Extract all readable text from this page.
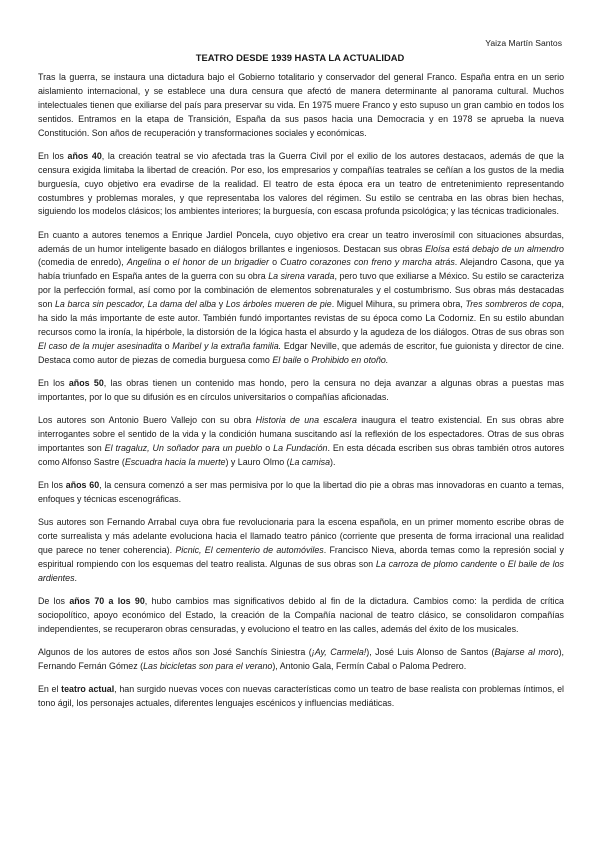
Yaiza Martín Santos
TEATRO DESDE 1939 HASTA LA ACTUALIDAD

Tras la guerra, se instaura una dictadura bajo el Gobierno totalitario y conservador del general Franco. España entra en un serio aislamiento internacional, y se establece una dura censura que afectó de manera determinante al panorama cultural. Muchos intelectuales tienen que exiliarse del país para preservar su vida. En 1975 muere Franco y esto supuso un gran cambio en todos los sentidos. Entramos en la etapa de Transición, España da sus pasos hacia una Democracia y en 1978 se aprueba la nueva Constitución. Son años de recuperación y transformaciones sociales y económicas.

En los años 40, la creación teatral se vio afectada tras la Guerra Civil por el exilio de los autores destacaos, además de que la censura exigida limitaba la libertad de creación. Por eso, los empresarios y compañías teatrales se ceñían a los gustos de la media burguesía, cuyo objetivo era evadirse de la realidad. El teatro de esta época era un teatro de entretenimiento representando costumbres y problemas morales, y que representaba los valores del régimen. Su estilo se centraba en las obras bien hechas, siguiendo los modelos clásicos; los ambientes interiores; la burguesía, con escasa profunda psicológica; y las técnicas tradicionales.

En cuanto a autores tenemos a Enrique Jardiel Poncela, cuyo objetivo era crear un teatro inverosímil con situaciones absurdas, además de un humor inteligente basado en diálogos brillantes e ingeniosos. Destacan sus obras Eloísa está debajo de un almendro (comedia de enredo), Angelina o el honor de un brigadier o Cuatro corazones con freno y marcha atrás. Alejandro Casona, que ya había triunfado en España antes de la guerra con su obra La sirena varada, pero tuvo que exiliarse a México. Su estilo se caracteriza por la perfección formal, así como por la combinación de elementos sobrenaturales y el costumbrismo. Sus obras más destacadas son La barca sin pescador, La dama del alba y Los árboles mueren de pie. Miguel Mihura, su primera obra, Tres sombreros de copa, ha sido la más importante de este autor. También fundó importantes revistas de su época como La Codorniz. En su estilo abundan recursos como la ironía, la hipérbole, la distorsión de la lógica hasta el absurdo y la agudeza de los diálogos. Otras de sus obras son El caso de la mujer asesinadita o Maribel y la extraña familia. Edgar Neville, que además de escritor, fue guionista y director de cine. Destaca como autor de piezas de comedia burguesa como El baile o Prohibido en otoño.

En los años 50, las obras tienen un contenido mas hondo, pero la censura no deja avanzar a algunas obras a puestas mas importantes, por lo que su difusión es en círculos universitarios o compañías aficionadas.

Los autores son Antonio Buero Vallejo con su obra Historia de una escalera inaugura el teatro existencial. En sus obras abre interrogantes sobre el sentido de la vida y la condición humana suscitando así la reflexión de los espectadores. Otras de sus obras importantes son El tragaluz, Un soñador para un pueblo o La Fundación. En esta década escriben sus obras también otros autores como Alfonso Sastre (Escuadra hacia la muerte) y Lauro Olmo (La camisa).

En los años 60, la censura comenzó a ser mas permisiva por lo que la libertad dio pie a obras mas innovadoras en cuanto a temas, enfoques y técnicas escenográficas.

Sus autores son Fernando Arrabal cuya obra fue revolucionaria para la escena española, en un primer momento escribe obras de corte surrealista y más adelante evoluciona hacia el llamado teatro pánico (corriente que presenta de forma irracional una realidad que parece no tener coherencia). Picnic, El cementerio de automóviles. Francisco Nieva, aborda temas como la represión social y espiritual rompiendo con los esquemas del teatro realista. Algunas de sus obras son La carroza de plomo candente o El baile de los ardientes.

De los años 70 a los 90, hubo cambios mas significativos debido al fin de la dictadura. Cambios como: la perdida de crítica sociopolítico, apoyo económico del Estado, la creación de la Compañía nacional de teatro clásico, se consolidaron compañías independientes, se recuperaron obras censuradas, y evoluciono el teatro en las calles, además del éxito de los musicales.

Algunos de los autores de estos años son José Sanchís Siniestra (¡Ay, Carmela!), José Luis Alonso de Santos (Bajarse al moro), Fernando Fernán Gómez (Las bicicletas son para el verano), Antonio Gala, Fermín Cabal o Paloma Pedrero.

En el teatro actual, han surgido nuevas voces con nuevas características como un teatro de base realista con problemas íntimos, el tono ágil, los personajes actuales, diferentes lenguajes escénicos y influencias mediáticas.
